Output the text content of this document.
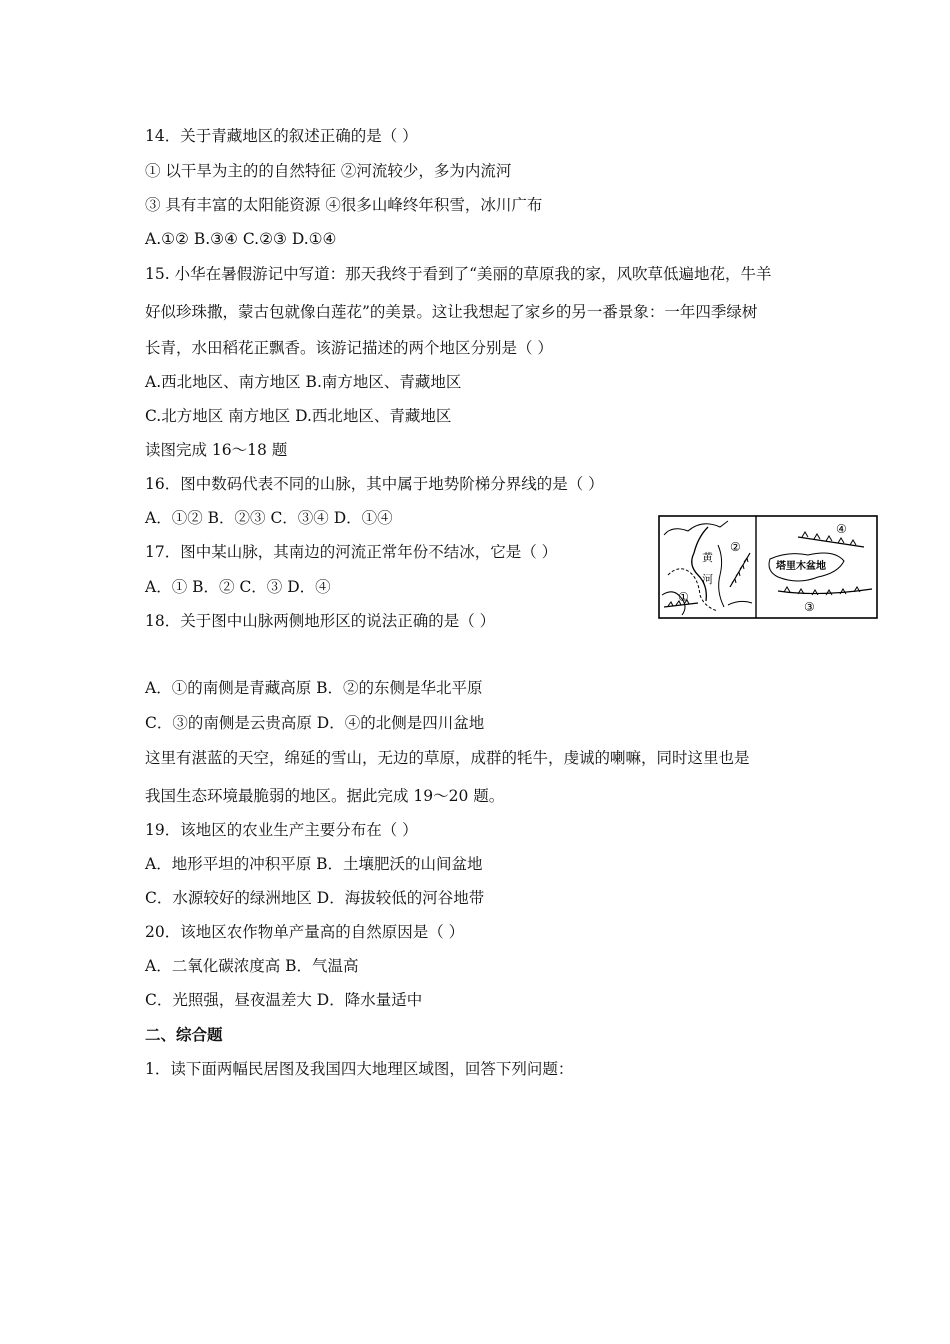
14．关于青藏地区的叙述正确的是（ ）
① 以干旱为主的的自然特征 ②河流较少，多为内流河
③ 具有丰富的太阳能资源 ④很多山峰终年积雪，冰川广布
A.①② B.③④ C.②③ D.①④
15. 小华在暑假游记中写道：那天我终于看到了“美丽的草原我的家，风吹草低遍地花，牛羊
好似珍珠撒，蒙古包就像白莲花”的美景。这让我想起了家乡的另一番景象：一年四季绿树
长青，水田稻花正飘香。该游记描述的两个地区分别是（ ）
A.西北地区、南方地区 B.南方地区、青藏地区
C.北方地区 南方地区 D.西北地区、青藏地区
读图完成 16～18 题
16．图中数码代表不同的山脉，其中属于地势阶梯分界线的是（ ）
A．①② B．②③ C．③④ D．①④
17．图中某山脉，其南边的河流正常年份不结冰，它是（ ）
A．① B．② C．③ D．④
18．关于图中山脉两侧地形区的说法正确的是（ ）
A．①的南侧是青藏高原 B．②的东侧是华北平原
C．③的南侧是云贵高原 D．④的北侧是四川盆地
这里有湛蓝的天空，绵延的雪山，无边的草原，成群的牦牛，虔诚的喇嘛，同时这里也是
我国生态环境最脆弱的地区。据此完成 19～20 题。
19．该地区的农业生产主要分布在（ ）
A．地形平坦的冲积平原 B．土壤肥沃的山间盆地
C．水源较好的绿洲地区 D．海拔较低的河谷地带
20．该地区农作物单产量高的自然原因是（ ）
A．二氧化碳浓度高 B．气温高
C．光照强，昼夜温差大 D．降水量适中
二、综合题
1．读下面两幅民居图及我国四大地理区域图，回答下列问题：
黄
河
②
①
塔里木盆地
④
③
